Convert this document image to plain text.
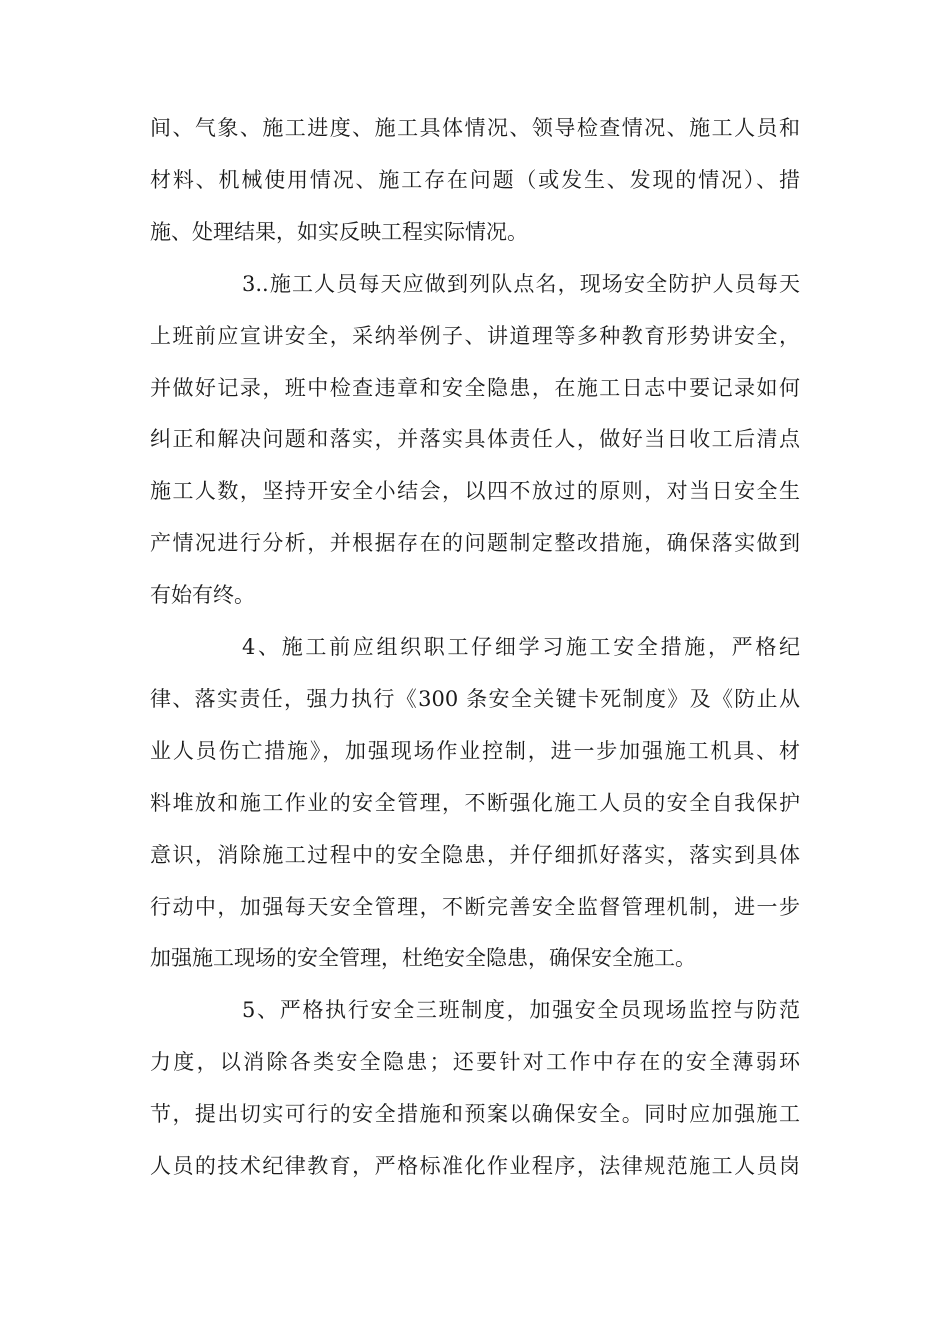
间、气象、施工进度、施工具体情况、领导检查情况、施工人员和
材料、机械使用情况、施工存在问题（或发生、发现的情况）、措
施、处理结果，如实反映工程实际情况。
3..施工人员每天应做到列队点名，现场安全防护人员每天
上班前应宣讲安全，采纳举例子、讲道理等多种教育形势讲安全，
并做好记录，班中检查违章和安全隐患，在施工日志中要记录如何
纠正和解决问题和落实，并落实具体责任人，做好当日收工后清点
施工人数，坚持开安全小结会，以四不放过的原则，对当日安全生
产情况进行分析，并根据存在的问题制定整改措施，确保落实做到
有始有终。
4、施工前应组织职工仔细学习施工安全措施，严格纪
律、落实责任，强力执行《300 条安全关键卡死制度》及《防止从
业人员伤亡措施》，加强现场作业控制，进一步加强施工机具、材
料堆放和施工作业的安全管理，不断强化施工人员的安全自我保护
意识，消除施工过程中的安全隐患，并仔细抓好落实，落实到具体
行动中，加强每天安全管理，不断完善安全监督管理机制，进一步
加强施工现场的安全管理，杜绝安全隐患，确保安全施工。
5、严格执行安全三班制度，加强安全员现场监控与防范
力度，以消除各类安全隐患；还要针对工作中存在的安全薄弱环
节，提出切实可行的安全措施和预案以确保安全。同时应加强施工
人员的技术纪律教育，严格标准化作业程序，法律规范施工人员岗
